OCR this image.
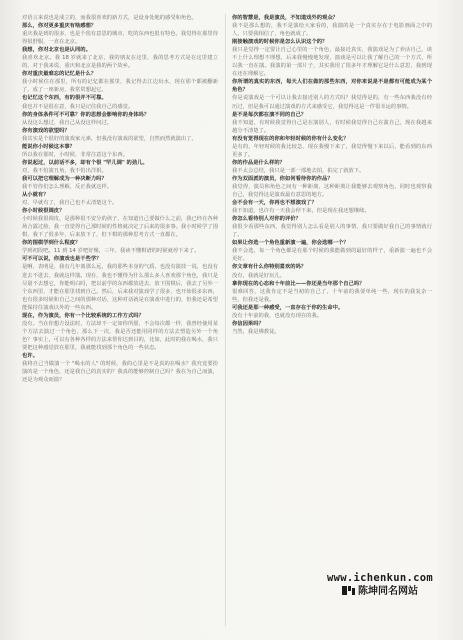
对语言来说也是成立的，而我很喜欢的新方式，是设身处地的感受和角色。

那么，你对更多重庆有啥感想？

重庆我是到的很多，也是个很有意思的城市，吃的东西也很有特色，我觉得在那里待得很舒服，一直在北京。

我想，你对北京也是认同的。

我喜欢北京。我 18 岁就来了北京，我的朋友在这里，我的思考方式是在这里建立的，对于我来说，重庆和北京是我的两个故乡。

你对重庆最难忘的记忆是什么？

我小时候住在那里，所有的记忆都在那里，我记得去江边玩水，现在那个都被翻新了，成了一座新房，我常常想起它。

也记忆这个东西，有的很并不可靠。

我也并不是很在意，我只是记住我自己的感觉。

你的身体条件可不可靠？你的思想会影响你的身体吗？

从没这么想过，我自己从没这样问过。

你有演戏的欲望吗？

我其实是个很好的演戏家元素，但我没有演戏的欲望，自然而然就演出了。

能说你小时候这本事？

所以我在那时，小时候，非常注意这个东西。

你说起过，以前话不多，却有个很 "罕儿调" 的劲儿。

对，我不怕演丑角，我不怕出洋相。

我可以把它理解成为一种决断力吗？

我不管你们怎么理解，反正我就这样。

从小就有？

对，早就有了，我自己也不太清楚这个。

你小时候很调皮？

小时候我很调皮，是那种很不安分的孩子，在知道自己要做什么之前，我已经在各种场合露过脸，我一直觉得自己那时候的性格就决定了后来的很多事。我小时候学了围棋，我下了很多年，后来放下了，但下棋的那种思考方式一直都在。

你的围棋学到什么程度？

学到初段吧。11 到 14 岁吧好像，三年，我读不懂棋谱的时候就停下来了。

可不可以说，你演戏也是干些学？

是啊，表明是，我有几年离那么远，我的那些本身的气质，也没有演技一说，也没有进去不进去，我就这样演。现在，我也不懂得为什么那么多人喜欢那个角色，我只是尽量不去想它，你能明白吗，把以前学的东西都放进去，放下围棋后，我去了另外一个东西里，才能在那里找到自己。然后，后来我对演戏学了很多，也开始很多东西，也有很多时候和自己之间的那种对话，这种对话就是在演戏中进行的，但我还是希望能保持住演戏以外的一些东西。

现在，作为演员，你有一个比较系统的工作方式吗？

没有。当在你想方设法时，方法却不一定如你所愿，不会每次都一样，我曾经使用某个方法去演过一个角色，那么下一次，我是否还能用同样的方法去塑造另外一个角色？事实上，可以有各种各样的方法来帮你达到目的，比如，此时的我在喝水，我只要把这种感觉放在那里，我就能找到那个角色的一些状态。

也许。

我将自己当做演一个 "喝水的人" 的时候，我的心里是不是真的在喝水？我究竟要扮演的是一个角色，还是我自己的真实的？我真的能够控制自己吗？我在为自己而演，还是为观众而演？

你的智慧是，我是演员，不知道戏外的观众？

我不是那么想的，我不是演给大家看的，我演的是一个真实存在于电影画面之中的人，只要我相信了，角色就成了。

刚接触演戏的时候你是怎么认识这个的？

我只是觉得一定要让自己心里的一个角色，最接近真实，我演戏是为了养活自己，谈不上什么理想不理想，后来我慢慢地发现，演戏是可以让我了解自己的一个方式，所以我一直在演。我演的第一部片子，其实我用了很多年才理解它是什么意思，我到现在还在理解它。

你所谓的真实的东西，每天人们在做的那些东西，对你来说是不是都有可能成为某个角色？

你是说演戏是一个可以让我去接近别人的方式吗？我觉得是的，有一些东西我没有经历过，但是我可以通过演戏的方式来感受它，我觉得这是一件很幸运的事情。

是不是每次都在演不同的自己？

我不知道，有时候我觉得自己是在演别人，有时候我觉得自己在演自己，现在我越来越分不清楚了。

有没有觉得现在的你和年轻时候的你有什么变化？

是有的，年轻时候的我比较急，现在我慢下来了，我觉得慢下来以后，能看到的东西更多了。

你的作品是什么样的？

我不太会总结，我只是一部一部地去拍，拍完了就放下。

作为双面派的演员，你如何看待你的作品？

我觉得，演员和角色之间有一种距离，这种距离让我能够去观察角色，同时也观察我自己，我觉得这是演戏最有意思的地方。

会不会有一天，你再也不想演戏了？

我不知道，也许有一天我会停下来，但是现在我还想继续。

你怎么看待别人对你的评价？

我很少看那些东西，我觉得别人怎么看是别人的事情，我只要做好我自己的事情就行了。

如果让你选一个角色重新演一遍，你会选哪一个？

我不会选，每一个角色都是在那个时候的我能做到的最好的样子，重新演一遍也不会更好。

你文章有什么你特别喜欢的吗？

没有，我就是好玩儿。

拿你现在的心态和十年前比——你还是当年那个自己吗？

很难回答，这我肯定不是当初的自己了，十年前的我要单纯一些，现在的我复杂一些，但我还是我。

可我还是那一种感受，一直存在于你的生命中。

没有十年前的我，也就没有现在的我。

你信因果吗？

当然，我是佛教徒。

www.ichenkun.com
陈坤同名网站
